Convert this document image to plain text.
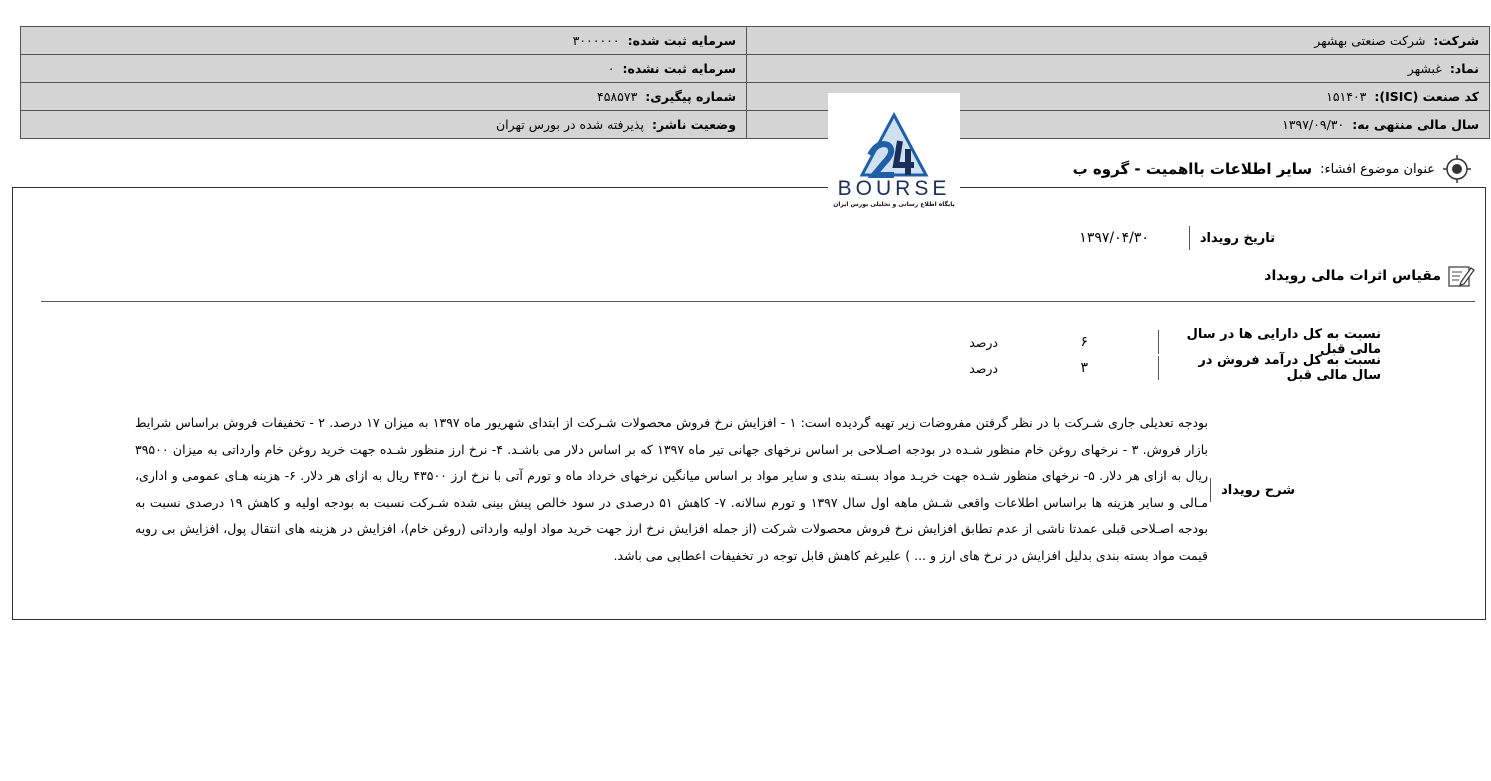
شرکت:شرکت صنعتی بهشهر	سرمایه ثبت شده:۳۰۰۰۰۰۰
نماد:غبشهر	سرمایه ثبت نشده:۰
کد صنعت (ISIC):۱۵۱۴۰۳	شماره پیگیری:۴۵۸۵۷۳
سال مالی منتهی به:۱۳۹۷/۰۹/۳۰	وضعیت ناشر:پذیرفته شده در بورس تهران
عنوان موضوع افشاء:
سایر اطلاعات بااهمیت - گروه ب
تاریخ رویداد
۱۳۹۷/۰۴/۳۰
مقیاس اثرات مالی رویداد
نسبت به کل دارایی ها در سال مالی قبل
۶
درصد
نسبت به کل درآمد فروش در سال مالی قبل
۳
درصد
شرح رویداد
بودجه تعدیلی جاری شـرکت با در نظر گرفتن مفروضات زیر تهیه گردیده است: ۱ - افزایش نرخ فروش محصولات شـرکت از ابتدای شهریور ماه ۱۳۹۷ به میزان ۱۷ درصد. ۲ - تخفیفات فروش براساس شرایط بازار فروش. ۳ - نرخهای روغن خام منظور شـده در بودجه اصـلاحی بر اساس نرخهای جهانی تیر ماه ۱۳۹۷ که بر اساس دلار می باشـد. ۴- نرخ ارز منظور شـده جهت خرید روغن خام وارداتی به میزان ۳۹۵۰۰ ریال به ازای هر دلار. ۵- نرخهای منظور شـده جهت خریـد مواد بسـته بندی و سایر مواد بر اساس میانگین نرخهای خرداد ماه و تورم آتی با نرخ ارز ۴۳۵۰۰ ریال به ازای هر دلار. ۶- هزینه هـای عمومی و اداری، مـالی و سایر هزینه ها براساس اطلاعات واقعی شـش ماهه اول سال ۱۳۹۷ و تورم سالانه. ۷- کاهش ۵۱ درصدی در سود خالص پیش بینی شده شـرکت نسبت به بودجه اولیه و کاهش ۱۹ درصدی نسبت به بودجه اصـلاحی قبلی عمدتا ناشی از عدم تطابق افزایش نرخ فروش محصولات شرکت (از جمله افزایش نرخ ارز جهت خرید مواد اولیه وارداتی (روغن خام)، افزایش در هزینه های انتقال پول، افزایش بی رویه قیمت مواد بسته بندی بدلیل افزایش در نرخ های ارز و ... ) علیرغم کاهش قابل توجه در تخفیفات اعطایی می باشد.
BOURSE
پایگاه اطلاع رسانی و تحلیلی بورس ایران
